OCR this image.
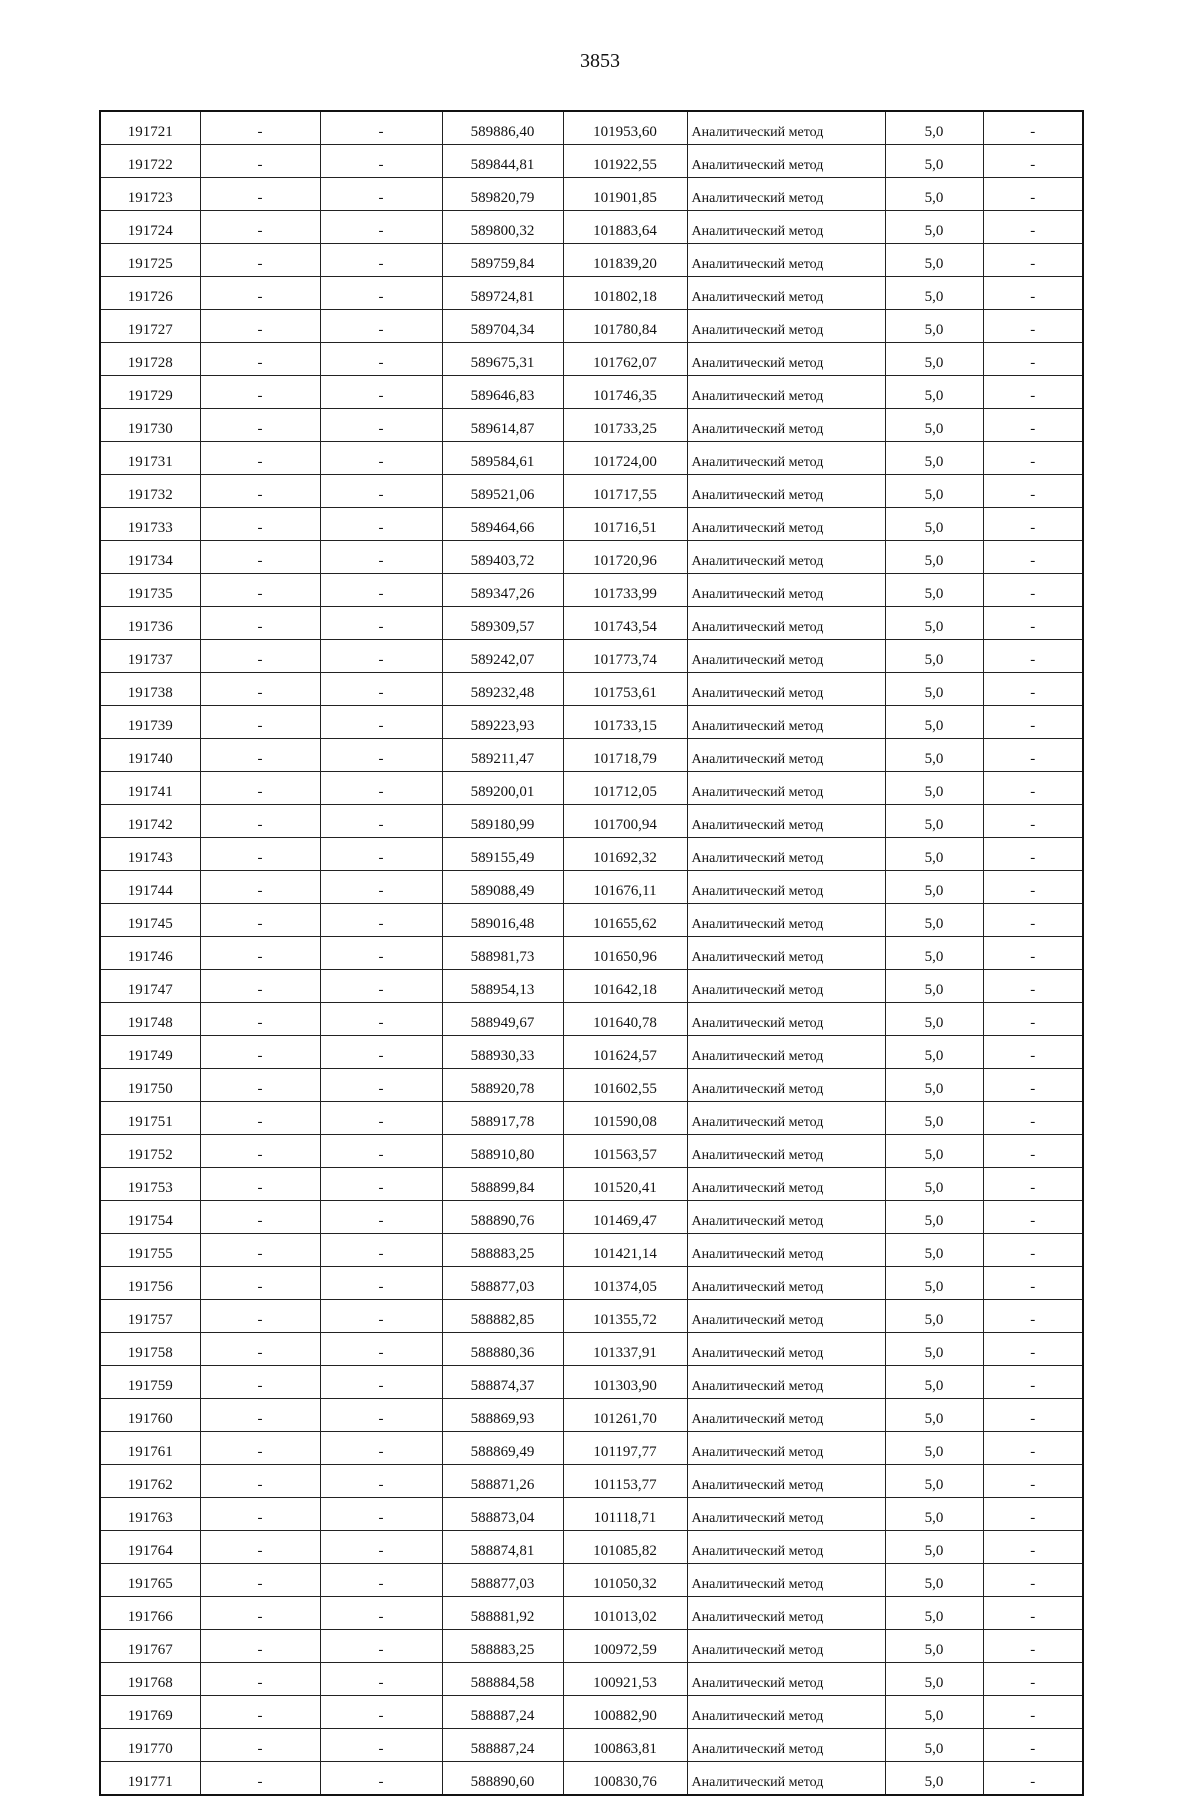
3853
191721	-	-	589886,40	101953,60	Аналитический метод	5,0	-
191722	-	-	589844,81	101922,55	Аналитический метод	5,0	-
191723	-	-	589820,79	101901,85	Аналитический метод	5,0	-
191724	-	-	589800,32	101883,64	Аналитический метод	5,0	-
191725	-	-	589759,84	101839,20	Аналитический метод	5,0	-
191726	-	-	589724,81	101802,18	Аналитический метод	5,0	-
191727	-	-	589704,34	101780,84	Аналитический метод	5,0	-
191728	-	-	589675,31	101762,07	Аналитический метод	5,0	-
191729	-	-	589646,83	101746,35	Аналитический метод	5,0	-
191730	-	-	589614,87	101733,25	Аналитический метод	5,0	-
191731	-	-	589584,61	101724,00	Аналитический метод	5,0	-
191732	-	-	589521,06	101717,55	Аналитический метод	5,0	-
191733	-	-	589464,66	101716,51	Аналитический метод	5,0	-
191734	-	-	589403,72	101720,96	Аналитический метод	5,0	-
191735	-	-	589347,26	101733,99	Аналитический метод	5,0	-
191736	-	-	589309,57	101743,54	Аналитический метод	5,0	-
191737	-	-	589242,07	101773,74	Аналитический метод	5,0	-
191738	-	-	589232,48	101753,61	Аналитический метод	5,0	-
191739	-	-	589223,93	101733,15	Аналитический метод	5,0	-
191740	-	-	589211,47	101718,79	Аналитический метод	5,0	-
191741	-	-	589200,01	101712,05	Аналитический метод	5,0	-
191742	-	-	589180,99	101700,94	Аналитический метод	5,0	-
191743	-	-	589155,49	101692,32	Аналитический метод	5,0	-
191744	-	-	589088,49	101676,11	Аналитический метод	5,0	-
191745	-	-	589016,48	101655,62	Аналитический метод	5,0	-
191746	-	-	588981,73	101650,96	Аналитический метод	5,0	-
191747	-	-	588954,13	101642,18	Аналитический метод	5,0	-
191748	-	-	588949,67	101640,78	Аналитический метод	5,0	-
191749	-	-	588930,33	101624,57	Аналитический метод	5,0	-
191750	-	-	588920,78	101602,55	Аналитический метод	5,0	-
191751	-	-	588917,78	101590,08	Аналитический метод	5,0	-
191752	-	-	588910,80	101563,57	Аналитический метод	5,0	-
191753	-	-	588899,84	101520,41	Аналитический метод	5,0	-
191754	-	-	588890,76	101469,47	Аналитический метод	5,0	-
191755	-	-	588883,25	101421,14	Аналитический метод	5,0	-
191756	-	-	588877,03	101374,05	Аналитический метод	5,0	-
191757	-	-	588882,85	101355,72	Аналитический метод	5,0	-
191758	-	-	588880,36	101337,91	Аналитический метод	5,0	-
191759	-	-	588874,37	101303,90	Аналитический метод	5,0	-
191760	-	-	588869,93	101261,70	Аналитический метод	5,0	-
191761	-	-	588869,49	101197,77	Аналитический метод	5,0	-
191762	-	-	588871,26	101153,77	Аналитический метод	5,0	-
191763	-	-	588873,04	101118,71	Аналитический метод	5,0	-
191764	-	-	588874,81	101085,82	Аналитический метод	5,0	-
191765	-	-	588877,03	101050,32	Аналитический метод	5,0	-
191766	-	-	588881,92	101013,02	Аналитический метод	5,0	-
191767	-	-	588883,25	100972,59	Аналитический метод	5,0	-
191768	-	-	588884,58	100921,53	Аналитический метод	5,0	-
191769	-	-	588887,24	100882,90	Аналитический метод	5,0	-
191770	-	-	588887,24	100863,81	Аналитический метод	5,0	-
191771	-	-	588890,60	100830,76	Аналитический метод	5,0	-
